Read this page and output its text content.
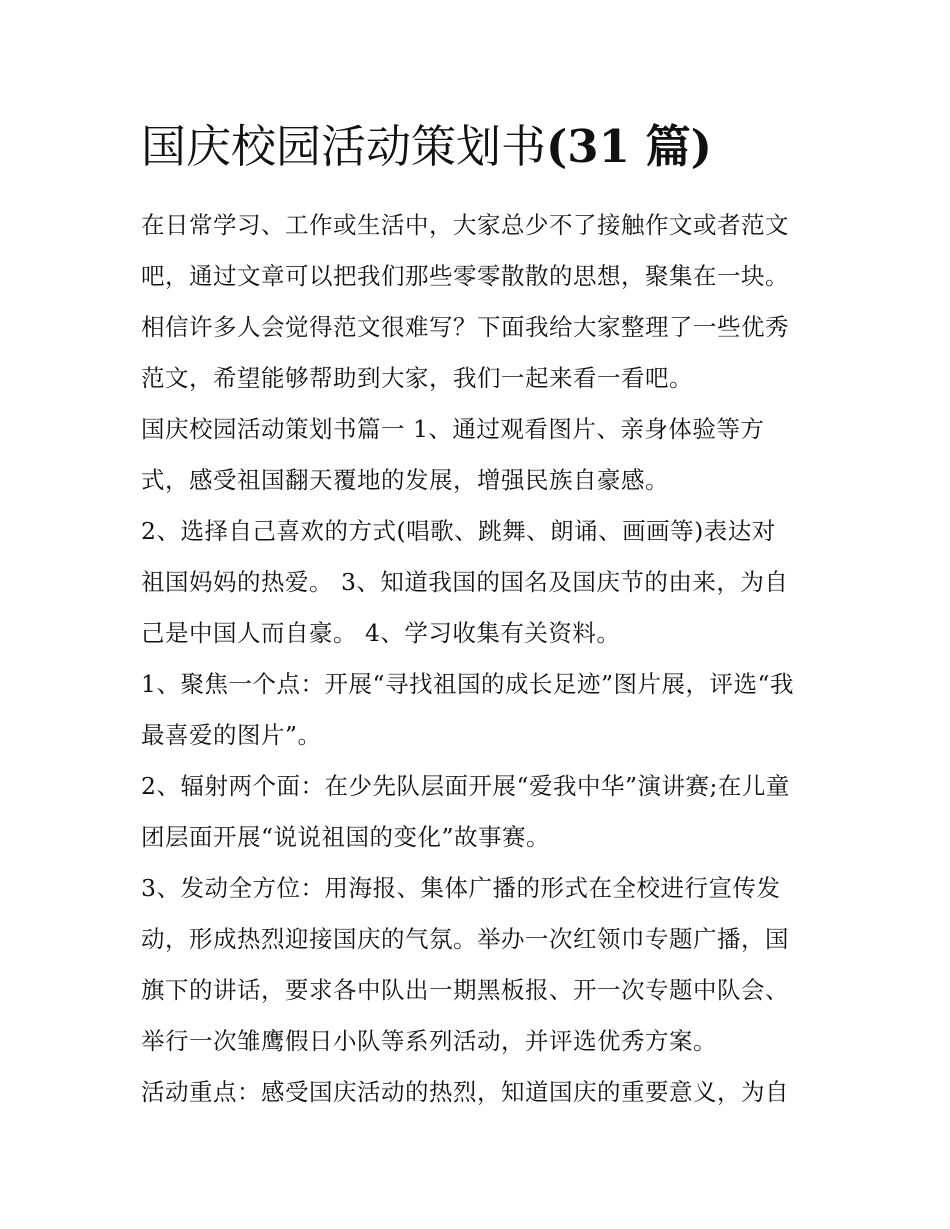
国庆校园活动策划书(31 篇)

在日常学习、工作或生活中，大家总少不了接触作文或者范文

吧，通过文章可以把我们那些零零散散的思想，聚集在一块。

相信许多人会觉得范文很难写？下面我给大家整理了一些优秀

范文，希望能够帮助到大家，我们一起来看一看吧。

国庆校园活动策划书篇一 1、通过观看图片、亲身体验等方

式，感受祖国翻天覆地的发展，增强民族自豪感。

2、选择自己喜欢的方式(唱歌、跳舞、朗诵、画画等)表达对

祖国妈妈的热爱。 3、知道我国的国名及国庆节的由来，为自

己是中国人而自豪。 4、学习收集有关资料。

1、聚焦一个点：开展“寻找祖国的成长足迹”图片展，评选“我

最喜爱的图片”。

2、辐射两个面：在少先队层面开展“爱我中华”演讲赛;在儿童

团层面开展“说说祖国的变化”故事赛。

3、发动全方位：用海报、集体广播的形式在全校进行宣传发

动，形成热烈迎接国庆的气氛。举办一次红领巾专题广播，国

旗下的讲话，要求各中队出一期黑板报、开一次专题中队会、

举行一次雏鹰假日小队等系列活动，并评选优秀方案。

活动重点：感受国庆活动的热烈，知道国庆的重要意义，为自
